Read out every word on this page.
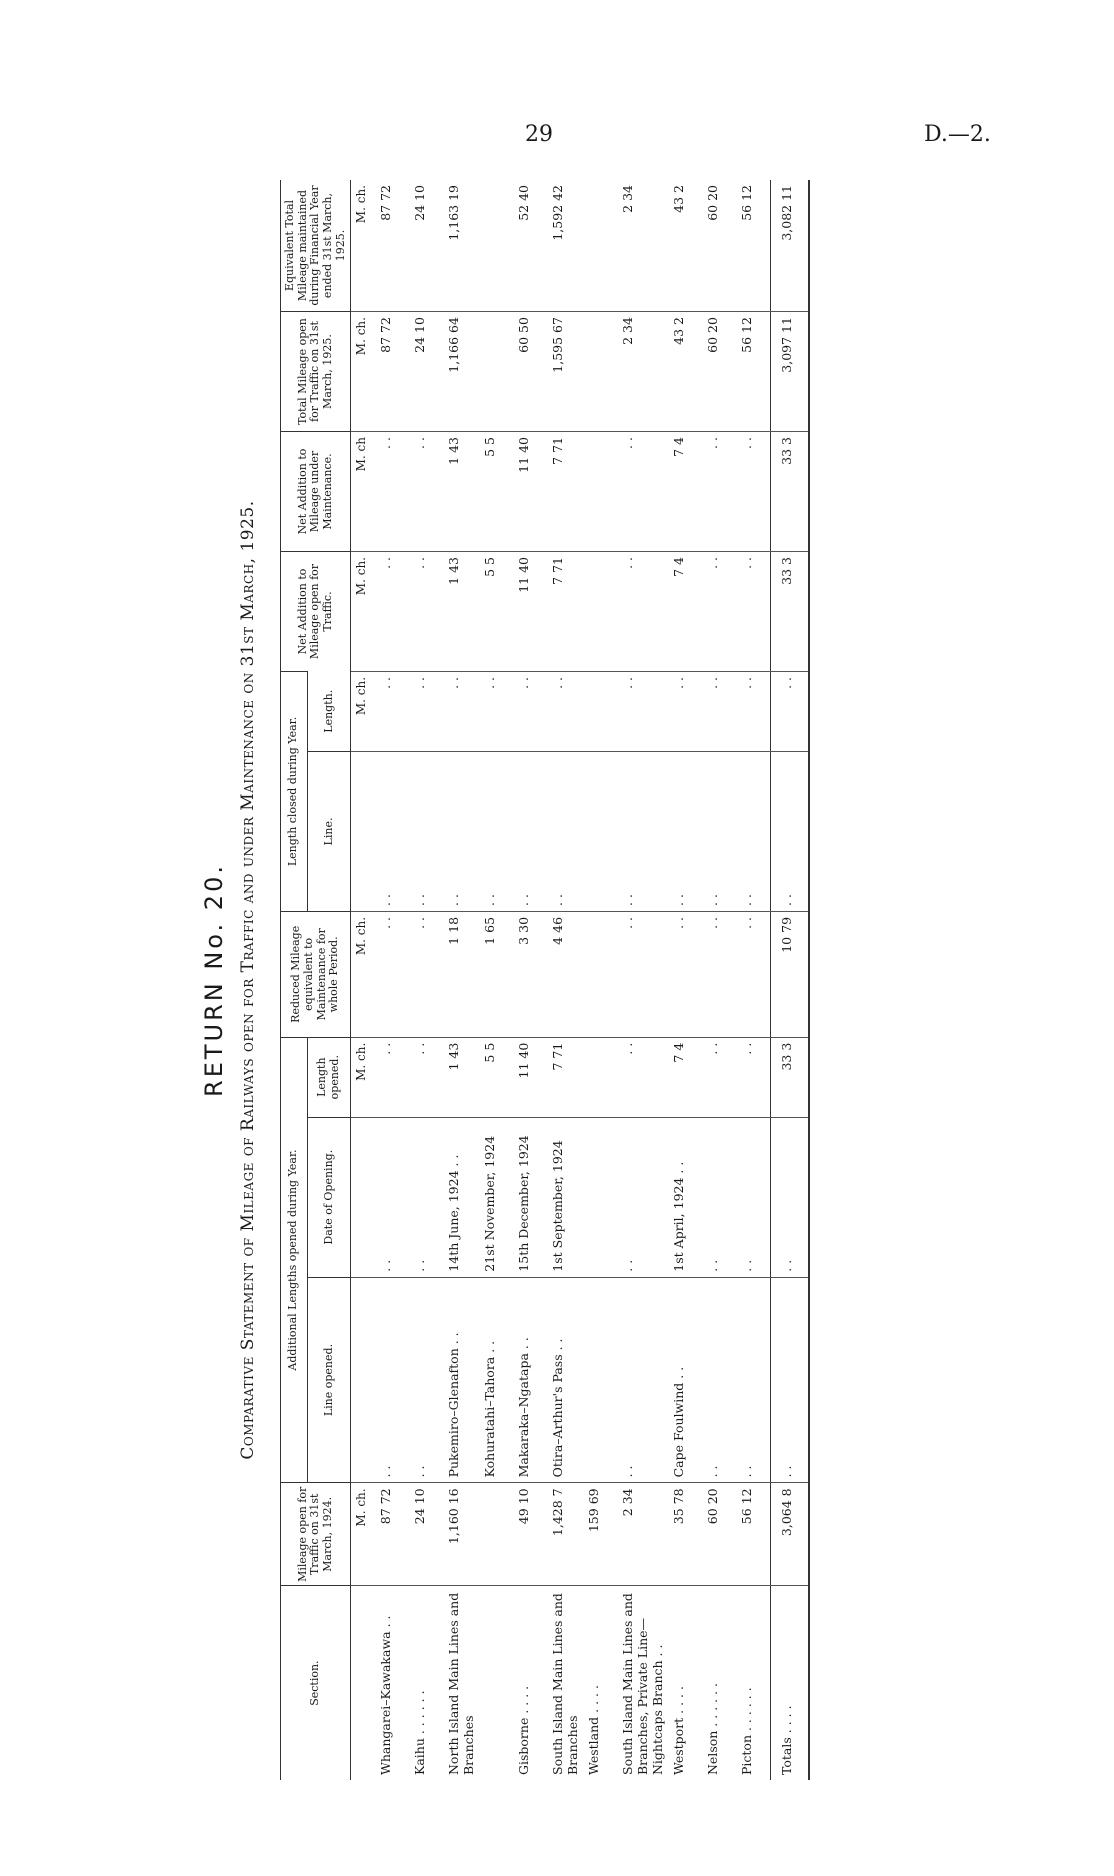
29	D.—2.
RETURN No. 20. Comparative Statement of Mileage of Railways open for Traffic and under Maintenance on 31st March, 1925.
Section.	Mileage open for Traffic on 31st March, 1924.	Additional Lengths opened during Year.			Reduced Mileage equivalent to Maintenance for whole Period.	Length closed during Year.		Net Addition to Mileage open for Traffic.	Net Addition to Mileage under Maintenance.	Total Mileage open for Traffic on 31st March, 1925.	Equivalent Total Mileage maintained during Financial Year ended 31st March, 1925.
		Line opened.	Date of Opening.	Length opened.		Line.	Length.				
	M. ch.			M. ch.	M. ch.		M. ch.	M. ch.	M. ch	M. ch.	M. ch.
Whangarei–Kawakawa . .	87 72	. .	. .	. .	. .	. .	. .	. .	. .	87 72	87 72
Kaihu . . . . . .	24 10	. .	. .	. .	. .	. .	. .	. .	. .	24 10	24 10
North Island Main Lines and Branches	1,160 16	Pukemiro–Glenafton . .	14th June, 1924 . .	1 43	1 18	. .	. .	1 43	1 43	1,166 64	1,163 19
		Kohuratahi–Tahora . .	21st November, 1924	5 5	1 65	. .	. .	5 5	5 5		
Gisborne . . . .	49 10	Makaraka–Ngatapa . .	15th December, 1924	11 40	3 30	. .	. .	11 40	11 40	60 50	52 40
South Island Main Lines and Branches	1,428 7	Otira–Arthur's Pass . .	1st September, 1924	7 71	4 46	. .	. .	7 71	7 71	1,595 67	1,592 42
Westland . . . .	159 69										
South Island Main Lines and Branches, Private Line—Nightcaps Branch . .	2 34	. .	. .	. .	. .	. .	. .	. .	. .	2 34	2 34
Westport . . . .	35 78	Cape Foulwind . .	1st April, 1924 . .	7 4	. .	. .	. .	7 4	7 4	43 2	43 2
Nelson . . . . . .	60 20	. .	. .	. .	. .	. .	. .	. .	. .	60 20	60 20
Picton . . . . . .	56 12	. .	. .	. .	. .	. .	. .	. .	. .	56 12	56 12
Totals . . . .	3,064 8	. .	. .	33 3	10 79	. .	. .	33 3	33 3	3,097 11	3,082 11
